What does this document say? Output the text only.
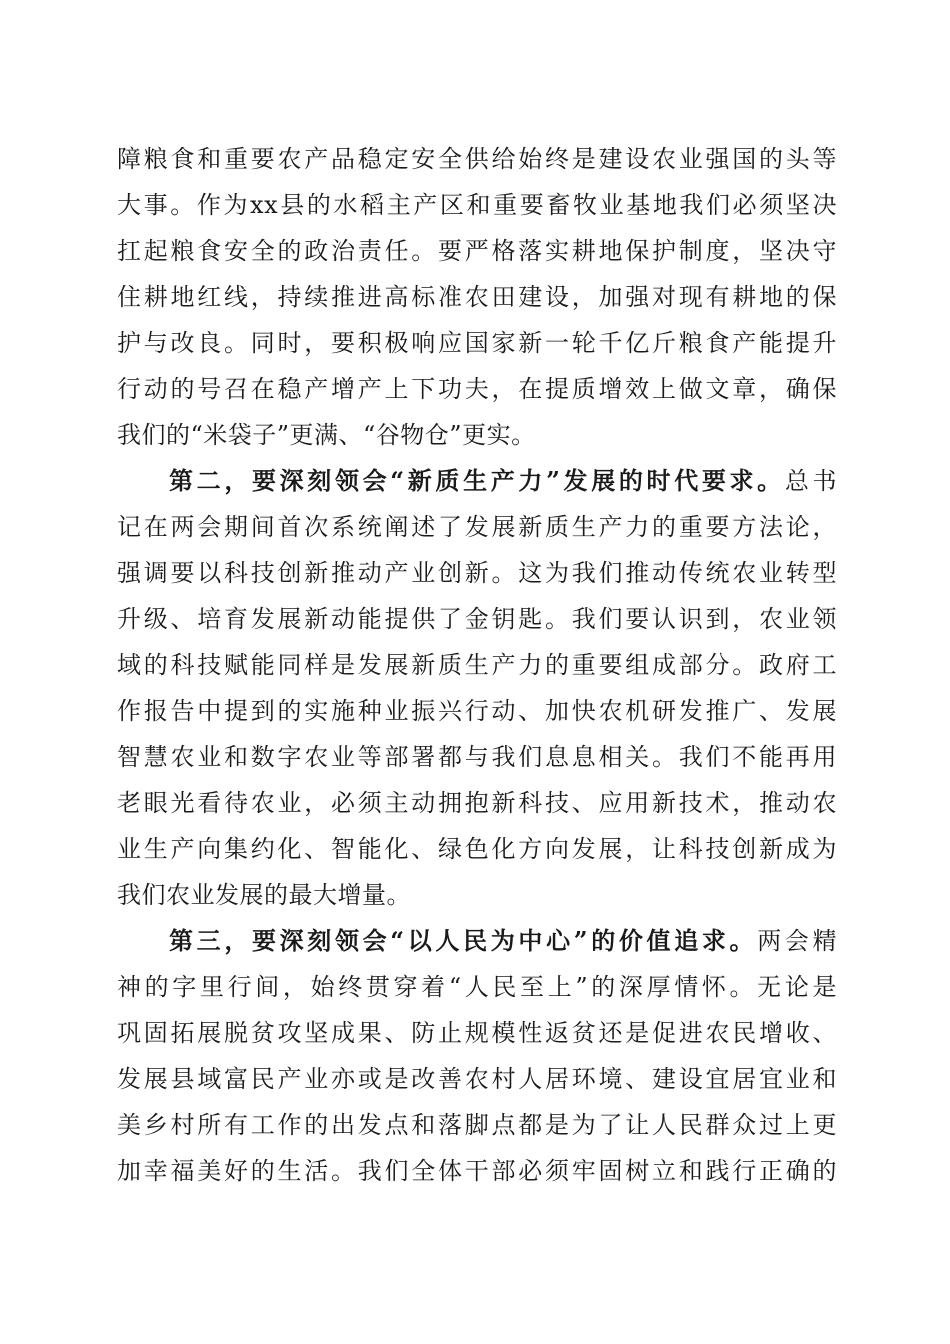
障粮食和重要农产品稳定安全供给始终是建设农业强国的头等
大事。作为xx县的水稻主产区和重要畜牧业基地我们必须坚决
扛起粮食安全的政治责任。要严格落实耕地保护制度，坚决守
住耕地红线，持续推进高标准农田建设，加强对现有耕地的保
护与改良。同时，要积极响应国家新一轮千亿斤粮食产能提升
行动的号召在稳产增产上下功夫，在提质增效上做文章，确保
我们的“米袋子”更满、“谷物仓”更实。
第二，要深刻领会“新质生产力”发展的时代要求。总书
记在两会期间首次系统阐述了发展新质生产力的重要方法论，
强调要以科技创新推动产业创新。这为我们推动传统农业转型
升级、培育发展新动能提供了金钥匙。我们要认识到，农业领
域的科技赋能同样是发展新质生产力的重要组成部分。政府工
作报告中提到的实施种业振兴行动、加快农机研发推广、发展
智慧农业和数字农业等部署都与我们息息相关。我们不能再用
老眼光看待农业，必须主动拥抱新科技、应用新技术，推动农
业生产向集约化、智能化、绿色化方向发展，让科技创新成为
我们农业发展的最大增量。
第三，要深刻领会“以人民为中心”的价值追求。两会精
神的字里行间，始终贯穿着“人民至上”的深厚情怀。无论是
巩固拓展脱贫攻坚成果、防止规模性返贫还是促进农民增收、
发展县域富民产业亦或是改善农村人居环境、建设宜居宜业和
美乡村所有工作的出发点和落脚点都是为了让人民群众过上更
加幸福美好的生活。我们全体干部必须牢固树立和践行正确的
